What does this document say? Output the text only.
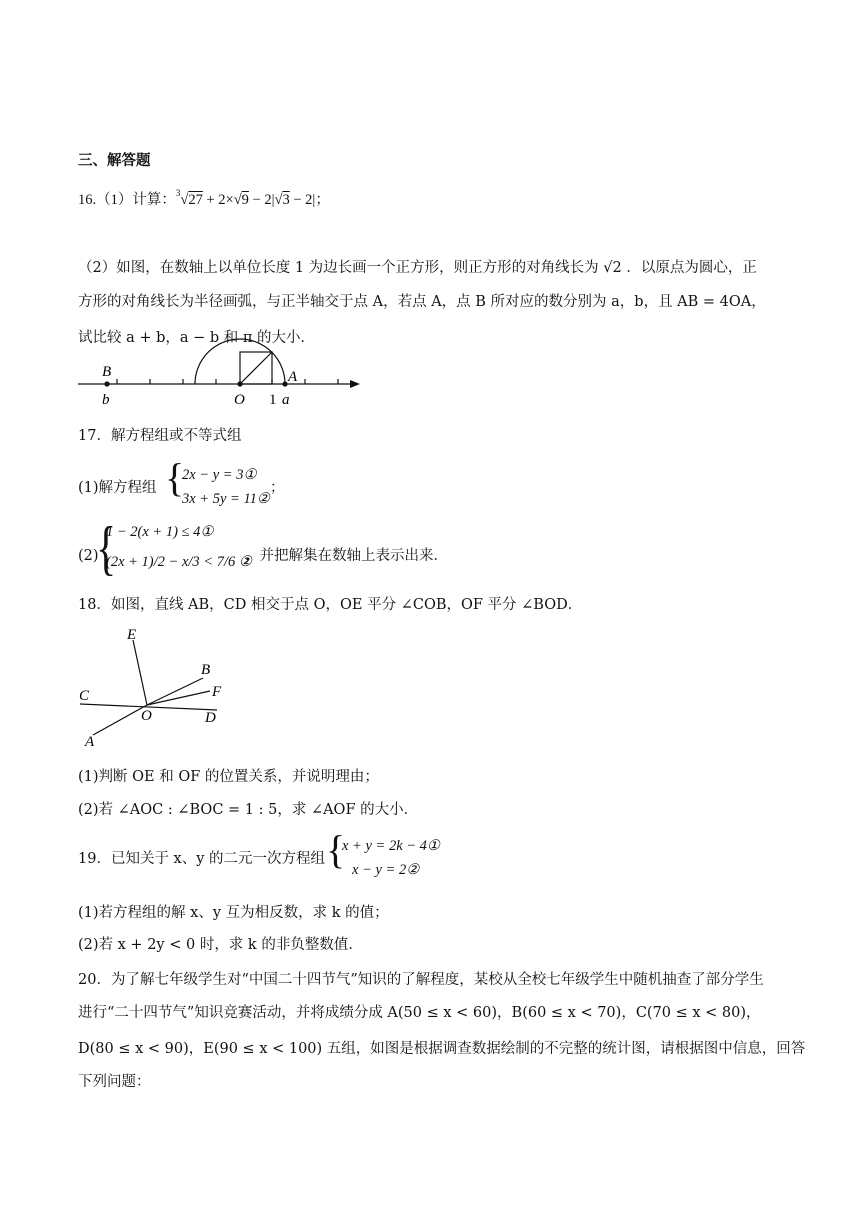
三、解答题
16.（1）计算：$^3$√27 + 2×√9 − 2|√3 − 2|；
（2）如图，在数轴上以单位长度 1 为边长画一个正方形，则正方形的对角线长为 √2 ．以原点为圆心，正
方形的对角线长为半径画弧，与正半轴交于点 A，若点 A，点 B 所对应的数分别为 a，b，且 AB = 4OA，
试比较 a + b，a − b 和 π 的大小．
B
b	O
A
1 a
17．解方程组或不等式组
(1)解方程组 {
2x − y = 3①
3x + 5y = 11②
；
(2)
{
1 − 2(x + 1) ≤ 4①
(2x + 1)/2 − x/3 < 7/6 ②
，并把解集在数轴上表示出来．
18．如图，直线 AB，CD 相交于点 O，OE 平分 ∠COB，OF 平分 ∠BOD．
E
B
F
C
O	D
A
(1)判断 OE 和 OF 的位置关系，并说明理由；
(2)若 ∠AOC : ∠BOC = 1 : 5，求 ∠AOF 的大小．
19．已知关于 x、y 的二元一次方程组 {
x + y = 2k − 4①
x − y = 2②
(1)若方程组的解 x、y 互为相反数，求 k 的值；
(2)若 x + 2y < 0 时，求 k 的非负整数值．
20．为了解七年级学生对“中国二十四节气”知识的了解程度，某校从全校七年级学生中随机抽查了部分学生
进行“二十四节气”知识竞赛活动，并将成绩分成 A(50 ≤ x < 60)，B(60 ≤ x < 70)，C(70 ≤ x < 80)，
D(80 ≤ x < 90)，E(90 ≤ x < 100) 五组，如图是根据调查数据绘制的不完整的统计图，请根据图中信息，回答
下列问题：
